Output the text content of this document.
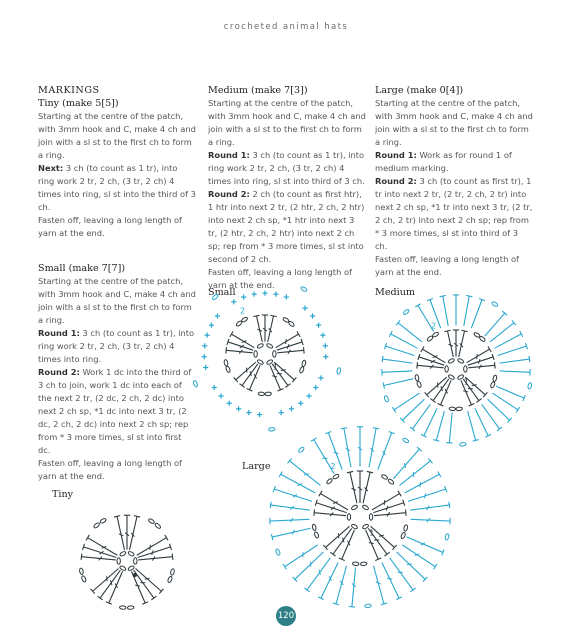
crocheted animal hats
MARKINGS
Tiny (make 5[5])

Starting at the centre of the patch, with 3mm hook and C, make 4 ch and join with a sl st to the first ch to form a ring.

Next: 3 ch (to count as 1 tr), into ring work 2 tr, 2 ch, (3 tr, 2 ch) 4 times into ring, sl st into the third of 3 ch.

Fasten off, leaving a long length of yarn at the end.

Small (make 7[7])

Starting at the centre of the patch, with 3mm hook and C, make 4 ch and join with a sl st to the first ch to form a ring.

Round 1: 3 ch (to count as 1 tr), into ring work 2 tr, 2 ch, (3 tr, 2 ch) 4 times into ring.

Round 2: Work 1 dc into the third of 3 ch to join, work 1 dc into each of the next 2 tr, (2 dc, 2 ch, 2 dc) into next 2 ch sp, *1 dc into next 3 tr, (2 dc, 2 ch, 2 dc) into next 2 ch sp; rep from * 3 more times, sl st into first dc.

Fasten off, leaving a long length of yarn at the end.

Medium (make 7[3])

Starting at the centre of the patch, with 3mm hook and C, make 4 ch and join with a sl st to the first ch to form a ring.

Round 1: 3 ch (to count as 1 tr), into ring work 2 tr, 2 ch, (3 tr, 2 ch) 4 times into ring, sl st into third of 3 ch.

Round 2: 2 ch (to count as first htr), 1 htr into next 2 tr, (2 htr, 2 ch, 2 htr) into next 2 ch sp, *1 htr into next 3 tr, (2 htr, 2 ch, 2 htr) into next 2 ch sp; rep from * 3 more times, sl st into second of 2 ch.

Fasten off, leaving a long length of yarn at the end.

Large (make 0[4])

Starting at the centre of the patch, with 3mm hook and C, make 4 ch and join with a sl st to the first ch to form a ring.

Round 1: Work as for round 1 of medium marking.

Round 2: 3 ch (to count as first tr), 1 tr into next 2 tr, (2 tr, 2 ch, 2 tr) into next 2 ch sp, *1 tr into next 3 tr, (2 tr, 2 ch, 2 tr) into next 2 ch sp; rep from * 3 more times, sl st into third of 3 ch.

Fasten off, leaving a long length of yarn at the end.

Small	Medium
Large
Tiny
1
2
1
2
1
2
120
